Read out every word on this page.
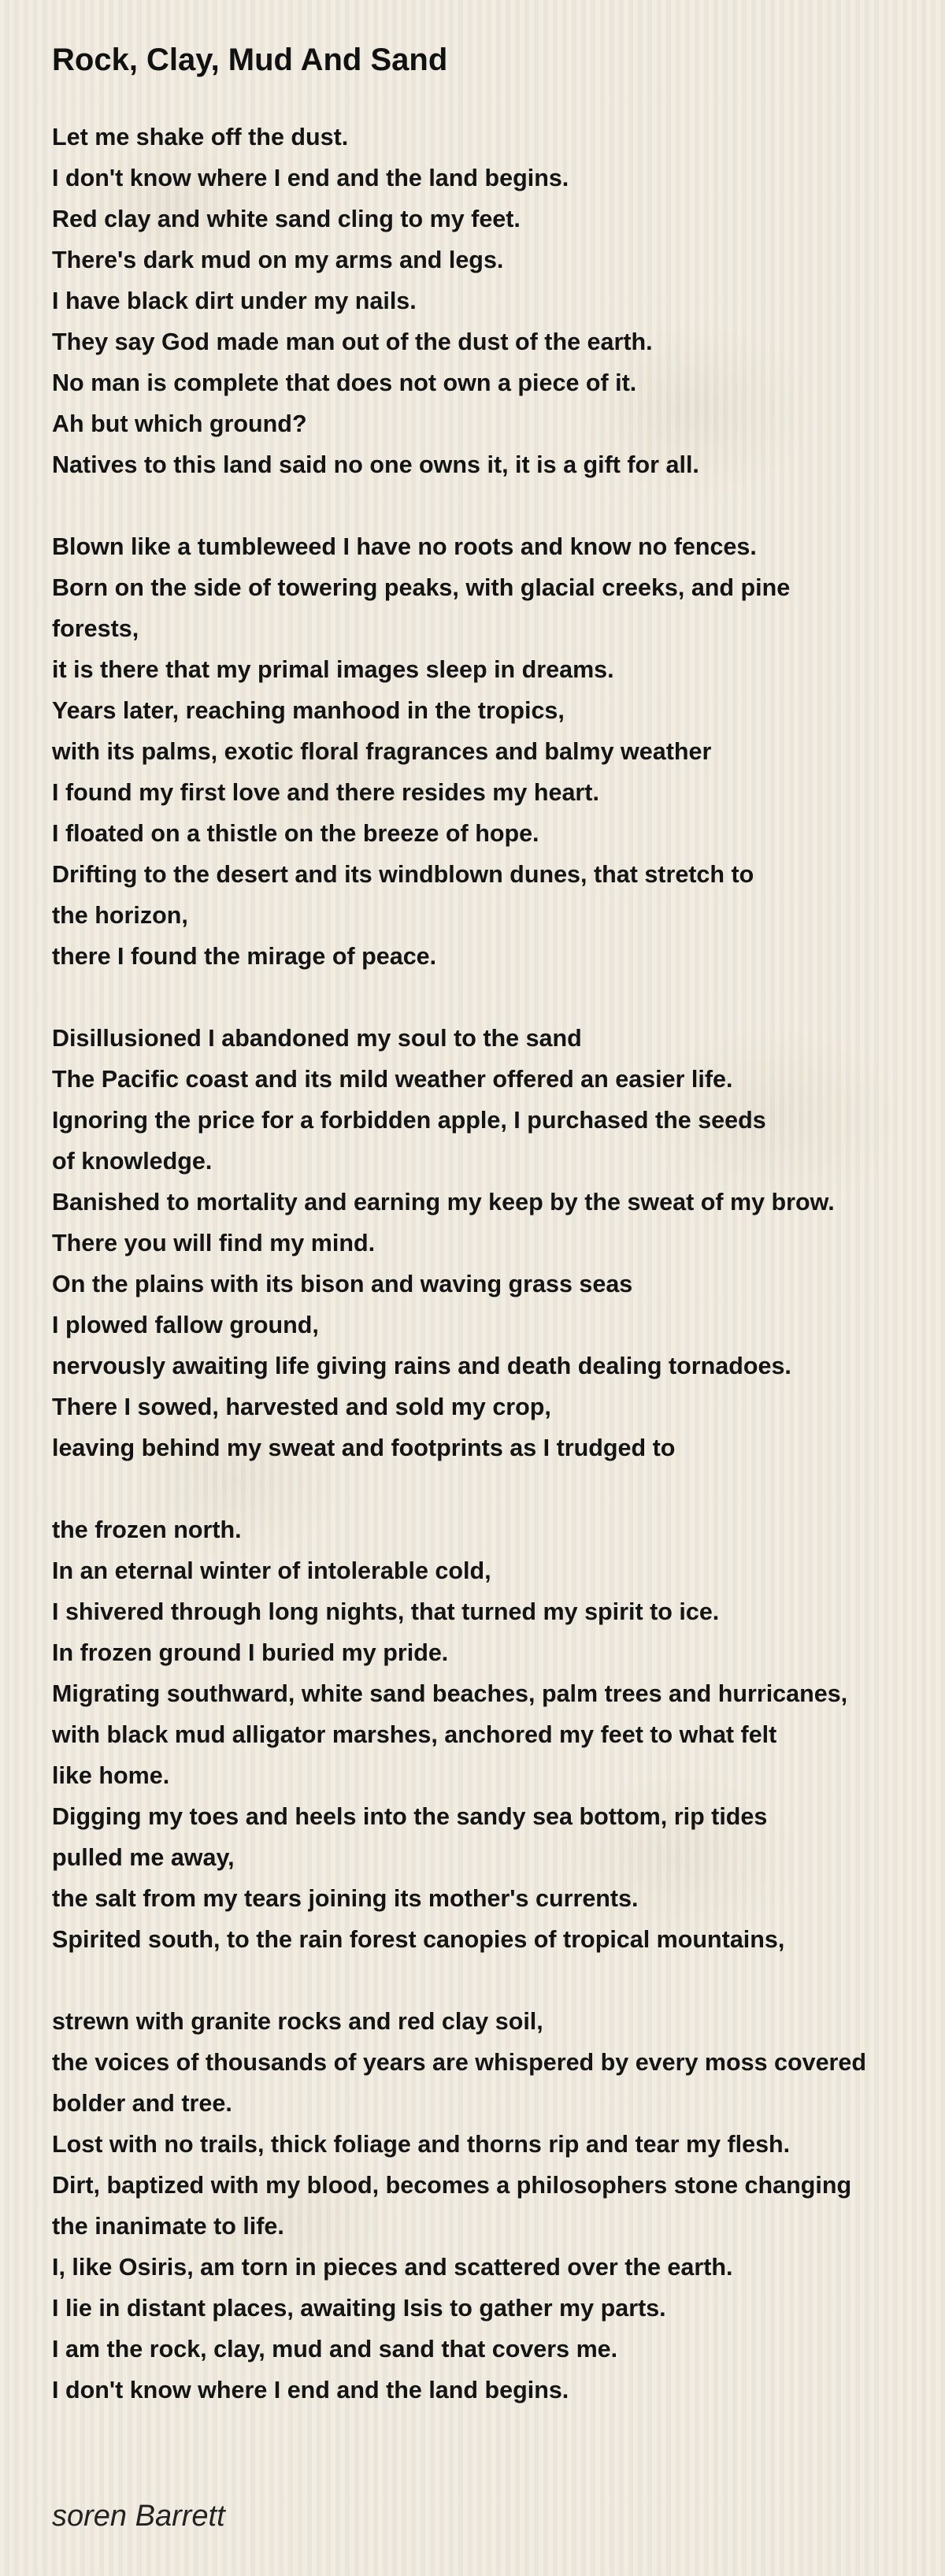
Rock, Clay, Mud And Sand
Let me shake off the dust.
I don't know where I end and the land begins.
Red clay and white sand cling to my feet.
There's dark mud on my arms and legs.
I have black dirt under my nails.
They say God made man out of the dust of the earth.
No man is complete that does not own a piece of it.
Ah but which ground?
Natives to this land said no one owns it, it is a gift for all.
Blown like a tumbleweed I have no roots and know no fences.
Born on the side of towering peaks, with glacial creeks, and pine
forests,
it is there that my primal images sleep in dreams.
Years later, reaching manhood in the tropics,
with its palms, exotic floral fragrances and balmy weather
I found my first love and there resides my heart.
I floated on a thistle on the breeze of hope.
Drifting to the desert and its windblown dunes, that stretch to
the horizon,
there I found the mirage of peace.
Disillusioned I abandoned my soul to the sand
The Pacific coast and its mild weather offered an easier life.
Ignoring the price for a forbidden apple, I purchased the seeds
of knowledge.
Banished to mortality and earning my keep by the sweat of my brow.
There you will find my mind.
On the plains with its bison and waving grass seas
I plowed fallow ground,
nervously awaiting life giving rains and death dealing tornadoes.
There I sowed, harvested and sold my crop,
leaving behind my sweat and footprints as I trudged to
the frozen north.
In an eternal winter of intolerable cold,
I shivered through long nights, that turned my spirit to ice.
In frozen ground I buried my pride.
Migrating southward, white sand beaches, palm trees and hurricanes,
with black mud alligator marshes, anchored my feet to what felt
like home.
Digging my toes and heels into the sandy sea bottom, rip tides
pulled me away,
the salt from my tears joining its mother's currents.
Spirited south, to the rain forest canopies of tropical mountains,
strewn with granite rocks and red clay soil,
the voices of thousands of years are whispered by every moss covered
bolder and tree.
Lost with no trails, thick foliage and thorns rip and tear my flesh.
Dirt, baptized with my blood, becomes a philosophers stone changing
the inanimate to life.
I, like Osiris, am torn in pieces and scattered over the earth.
I lie in distant places, awaiting Isis to gather my parts.
I am the rock, clay, mud and sand that covers me.
I don't know where I end and the land begins.
soren Barrett
